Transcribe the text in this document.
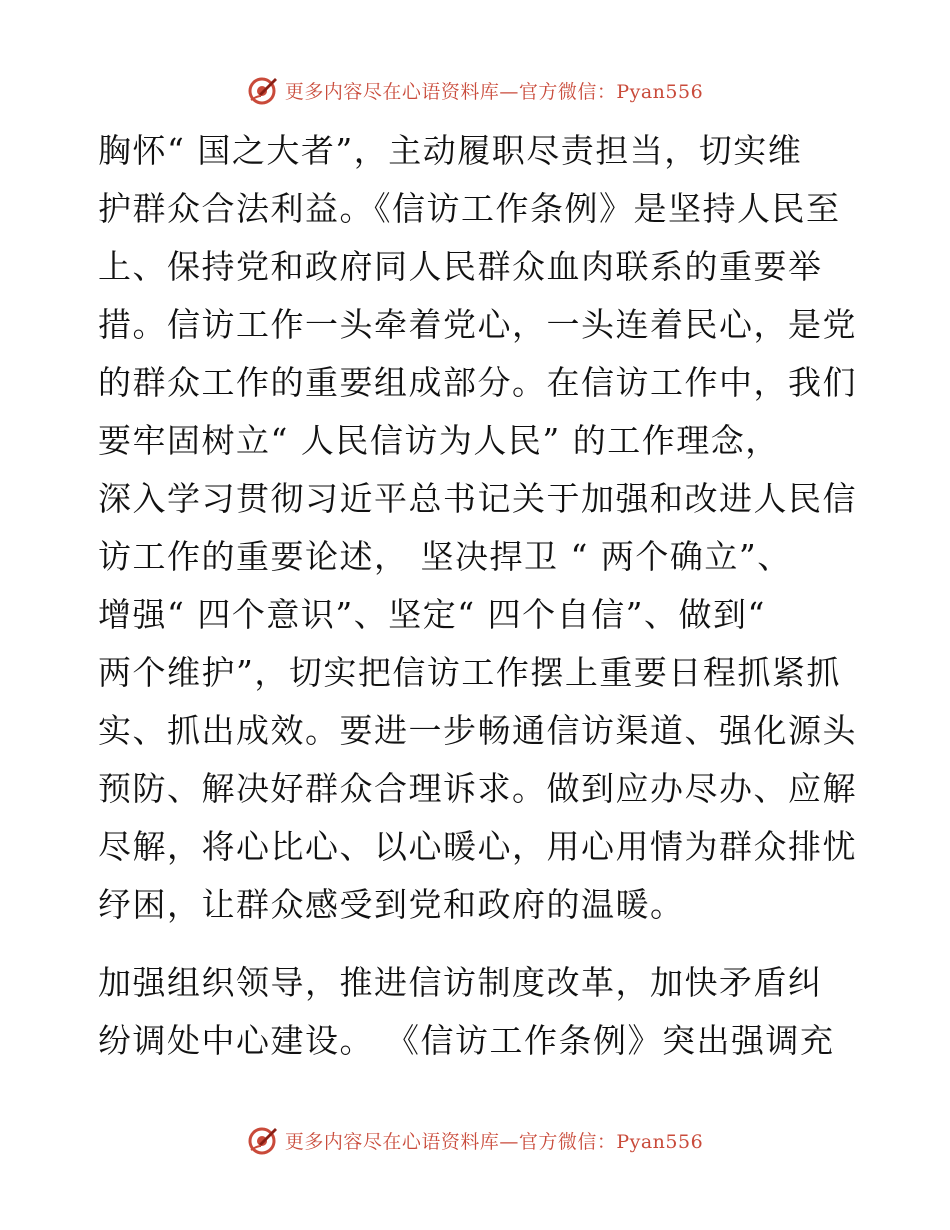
更多内容尽在心语资料库—官方微信：Pyan556
胸怀“ 国之大者”，主动履职尽责担当，切实维
护群众合法利益。《信访工作条例》是坚持人民至
上、保持党和政府同人民群众血肉联系的重要举
措。信访工作一头牵着党心，一头连着民心，是党
的群众工作的重要组成部分。在信访工作中，我们
要牢固树立“ 人民信访为人民” 的工作理念，
深入学习贯彻习近平总书记关于加强和改进人民信
访工作的重要论述， 坚决捍卫 “ 两个确立”、
增强“ 四个意识”、坚定“ 四个自信”、做到“
两个维护”，切实把信访工作摆上重要日程抓紧抓
实、抓出成效。要进一步畅通信访渠道、强化源头
预防、解决好群众合理诉求。做到应办尽办、应解
尽解，将心比心、以心暖心，用心用情为群众排忧
纾困，让群众感受到党和政府的温暖。
加强组织领导，推进信访制度改革，加快矛盾纠
纷调处中心建设。 《信访工作条例》突出强调充
更多内容尽在心语资料库—官方微信：Pyan556
